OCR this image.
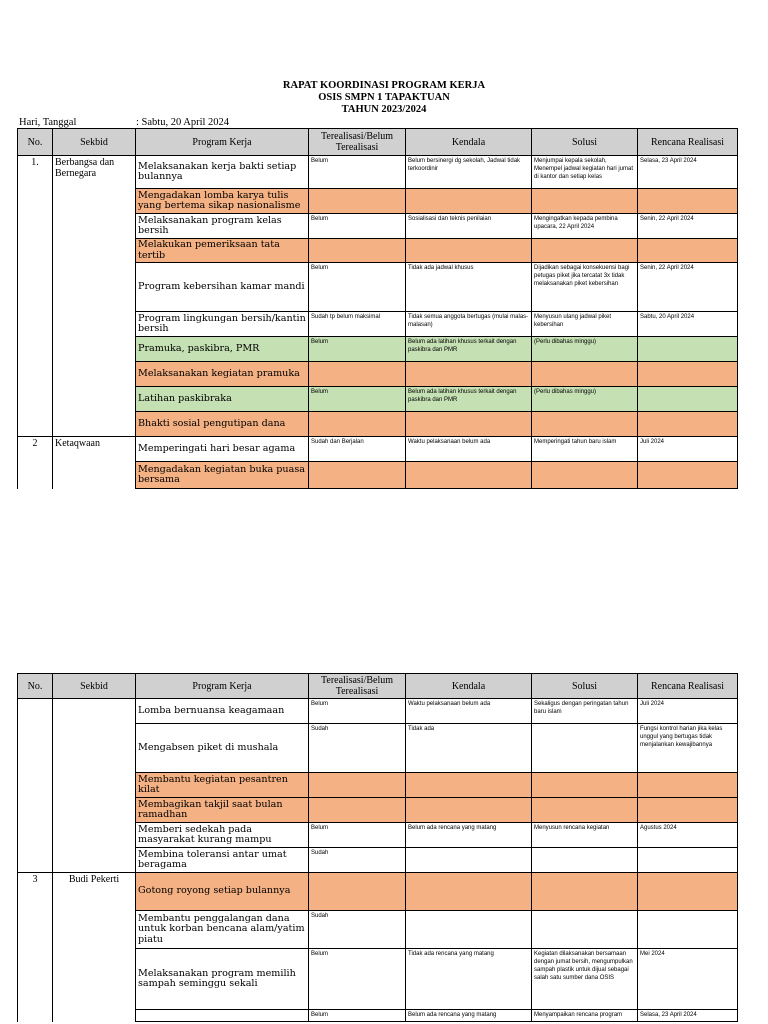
RAPAT KOORDINASI PROGRAM KERJA
OSIS SMPN 1 TAPAKTUAN
TAHUN 2023/2024
Hari, Tanggal	: Sabtu, 20 April 2024
No.	Sekbid	Program Kerja	Terealisasi/Belum Terealisasi	Kendala	Solusi	Rencana Realisasi
1.	Berbangsa dan Bernegara	Melaksanakan kerja bakti setiap bulannya	Belum	Belum bersinergi dg sekolah, Jadwal tidak terkoordinir	Menjumpai kepala sekolah, Menempel jadwal kegiatan hari jumat di kantor dan setiap kelas	Selasa, 23 April 2024
		Mengadakan lomba karya tulis yang bertema sikap nasionalisme				
		Melaksanakan program kelas bersih	Belum	Sosialisasi dan teknis penilaian	Mengingatkan kepada pembina upacara, 22 April 2024	Senin, 22 April 2024
		Melakukan pemeriksaan tata tertib				
		Program kebersihan kamar mandi	Belum	Tidak ada jadwal khusus	Dijadikan sebagai konsekuensi bagi petugas piket jika tercatat 3x tidak melaksanakan piket kebersihan	Senin, 22 April 2024
		Program lingkungan bersih/kantin bersih	Sudah tp belum maksimal	Tidak semua anggota bertugas (mulai malas-malasan)	Menyusun ulang jadwal piket kebersihan	Sabtu, 20 April 2024
		Pramuka, paskibra, PMR	Belum	Belum ada latihan khusus terkait dengan paskibra dan PMR	(Perlu dibahas minggu)	
		Melaksanakan kegiatan pramuka				
		Latihan paskibraka	Belum	Belum ada latihan khusus terkait dengan paskibra dan PMR	(Perlu dibahas minggu)	
		Bhakti sosial pengutipan dana				
2	Ketaqwaan	Memperingati hari besar agama	Sudah dan Berjalan	Waktu pelaksanaan belum ada	Memperingati tahun baru islam	Juli 2024
		Mengadakan kegiatan buka puasa bersama				
No.	Sekbid	Program Kerja	Terealisasi/Belum Terealisasi	Kendala	Solusi	Rencana Realisasi
		Lomba bernuansa keagamaan	Belum	Waktu pelaksanaan belum ada	Sekaligus dengan peringatan tahun baru islam	Juli 2024
		Mengabsen piket di mushala	Sudah	Tidak ada		Fungsi kontrol harian jika kelas unggul yang bertugas tidak menjalankan kewajibannya
		Membantu kegiatan pesantren kilat				
		Membagikan takjil saat bulan ramadhan				
		Memberi sedekah pada masyarakat kurang mampu	Belum	Belum ada rencana yang matang	Menyusun rencana kegiatan	Agustus 2024
		Membina toleransi antar umat beragama	Sudah			
3	Budi Pekerti	Gotong royong setiap bulannya				
		Membantu penggalangan dana untuk korban bencana alam/yatim piatu	Sudah			
		Melaksanakan program memilih sampah seminggu sekali	Belum	Tidak ada rencana yang matang	Kegiatan dilaksanakan bersamaan dengan jumat bersih, mengumpulkan sampah plastik untuk dijual sebagai salah satu sumber dana OSIS	Mei 2024
			Belum	Belum ada rencana yang matang	Menyampaikan rencana program	Selasa, 23 April 2024
